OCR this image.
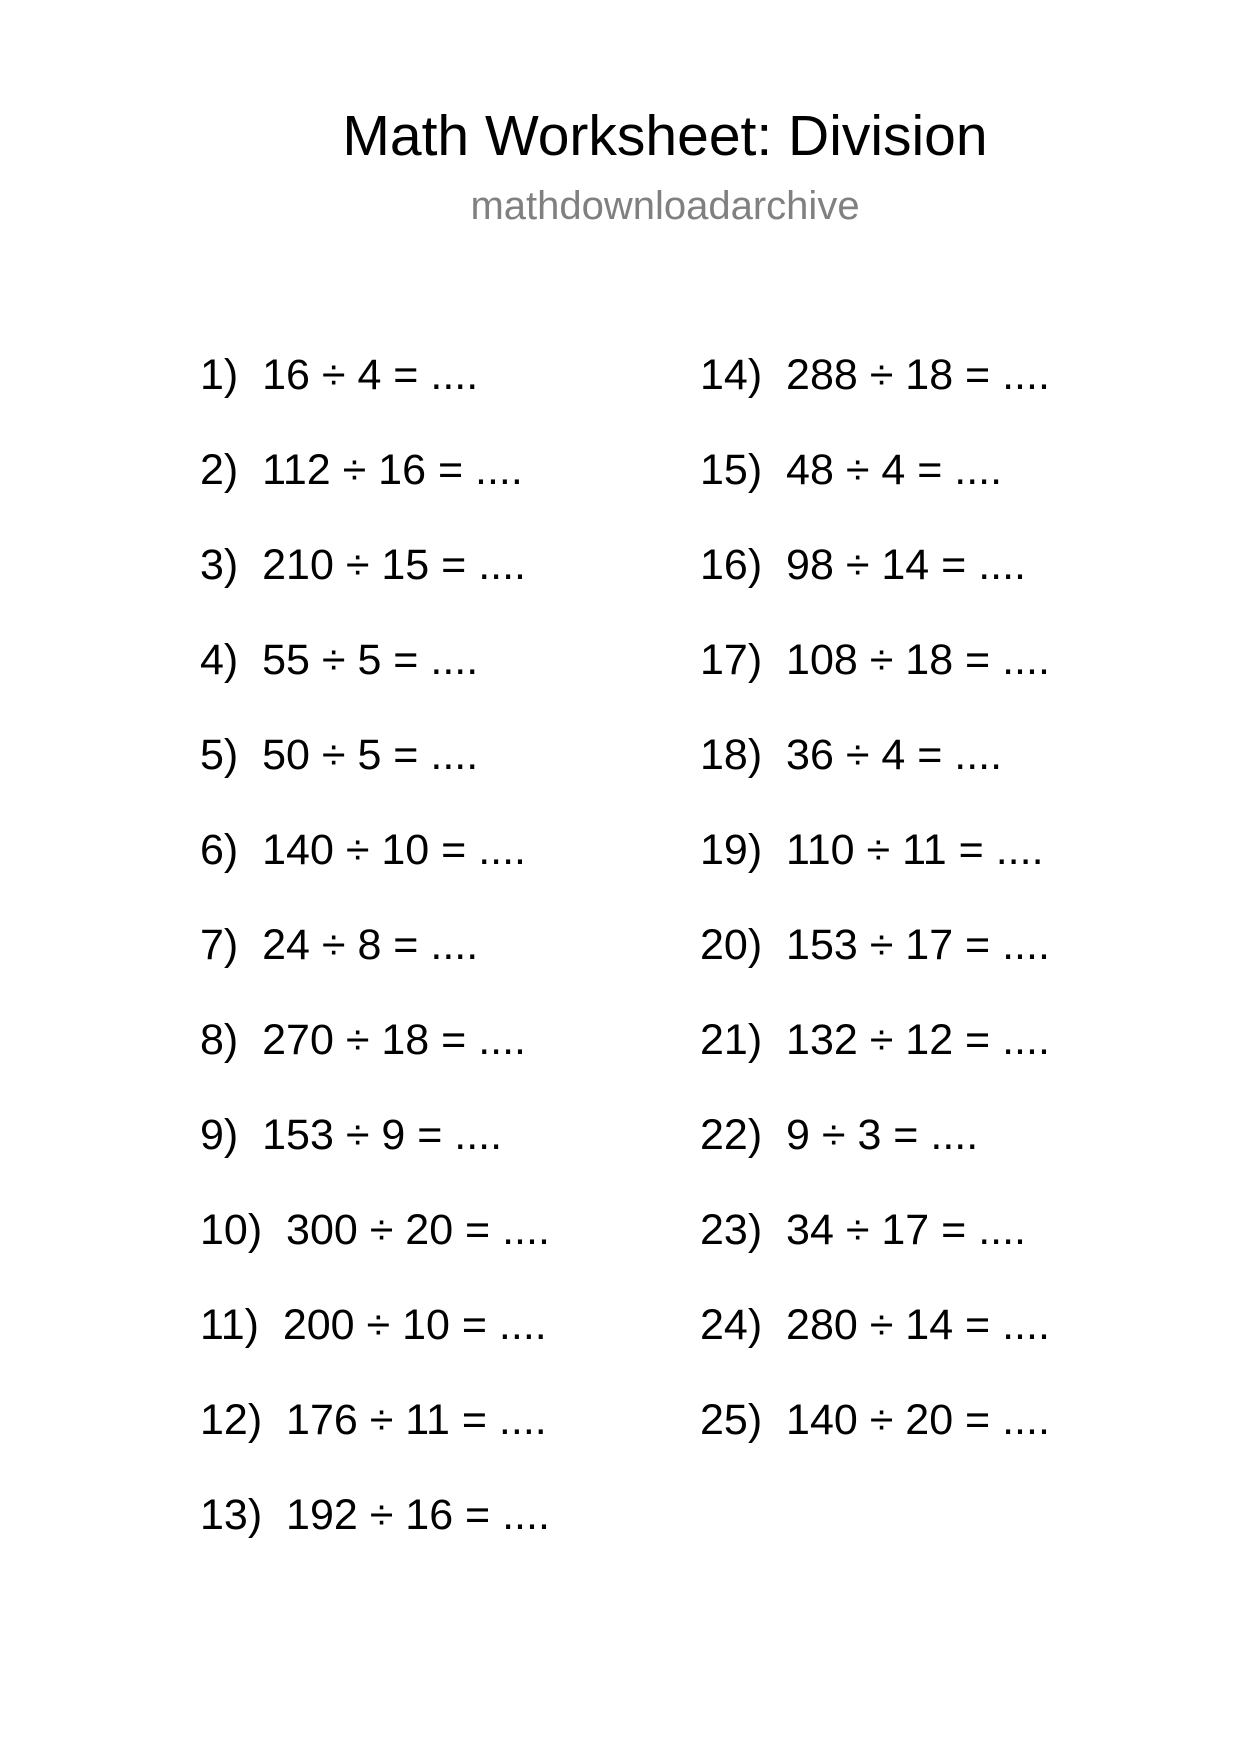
Math Worksheet: Division
mathdownloadarchive
1)  16 ÷ 4 = ....
2)  112 ÷ 16 = ....
3)  210 ÷ 15 = ....
4)  55 ÷ 5 = ....
5)  50 ÷ 5 = ....
6)  140 ÷ 10 = ....
7)  24 ÷ 8 = ....
8)  270 ÷ 18 = ....
9)  153 ÷ 9 = ....
10)  300 ÷ 20 = ....
11)  200 ÷ 10 = ....
12)  176 ÷ 11 = ....
13)  192 ÷ 16 = ....
14)  288 ÷ 18 = ....
15)  48 ÷ 4 = ....
16)  98 ÷ 14 = ....
17)  108 ÷ 18 = ....
18)  36 ÷ 4 = ....
19)  110 ÷ 11 = ....
20)  153 ÷ 17 = ....
21)  132 ÷ 12 = ....
22)  9 ÷ 3 = ....
23)  34 ÷ 17 = ....
24)  280 ÷ 14 = ....
25)  140 ÷ 20 = ....
